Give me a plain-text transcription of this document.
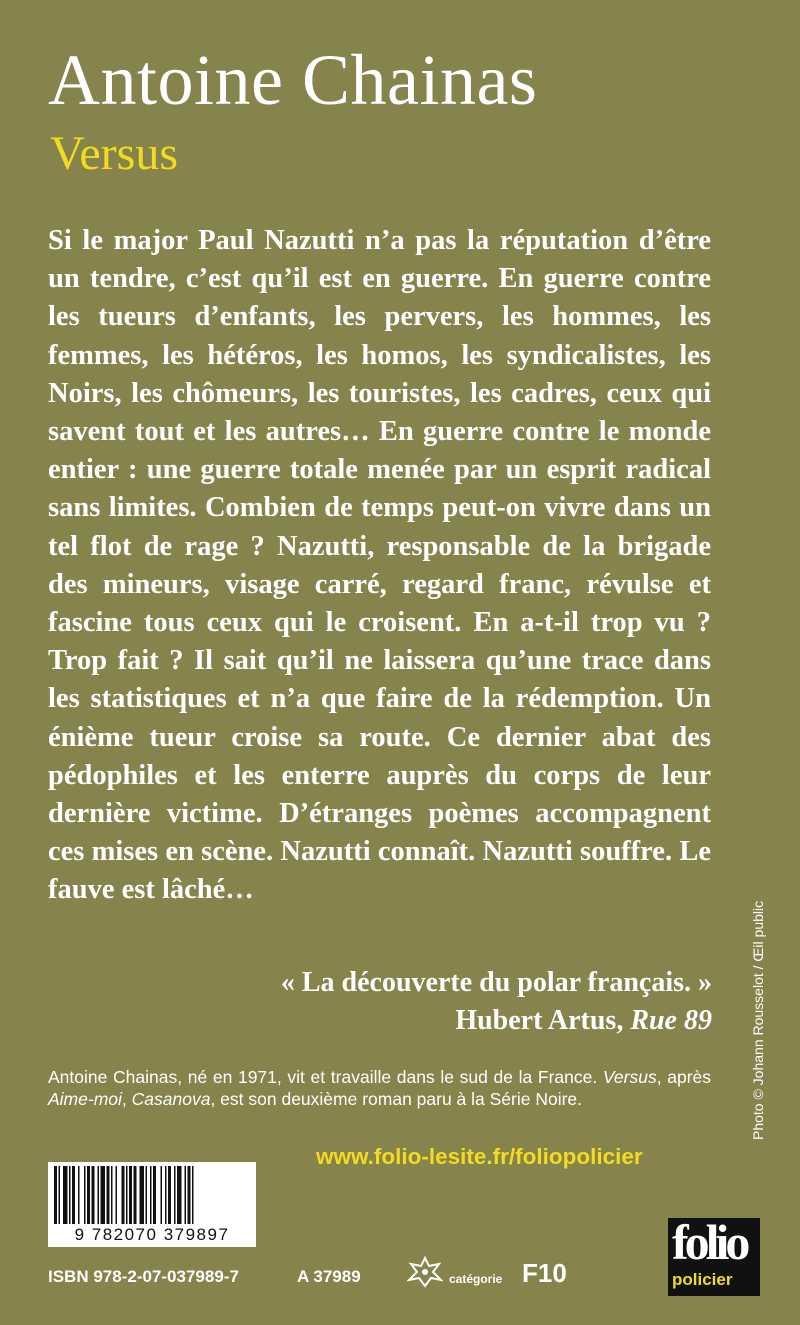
Antoine Chainas
Versus
Si le major Paul Nazutti n’a pas la réputation d’être un tendre, c’est qu’il est en guerre. En guerre contre les tueurs d’enfants, les pervers, les hommes, les femmes, les hétéros, les homos, les syndicalistes, les Noirs, les chômeurs, les touristes, les cadres, ceux qui savent tout et les autres… En guerre contre le monde entier : une guerre totale menée par un esprit radical sans limites. Combien de temps peut-on vivre dans un tel flot de rage ? Nazutti, responsable de la brigade des mineurs, visage carré, regard franc, révulse et fascine tous ceux qui le croisent. En a-t-il trop vu ? Trop fait ? Il sait qu’il ne laissera qu’une trace dans les statistiques et n’a que faire de la rédemption. Un énième tueur croise sa route. Ce dernier abat des pédophiles et les enterre auprès du corps de leur dernière victime. D’étranges poèmes accompagnent ces mises en scène. Nazutti connaît. Nazutti souffre. Le fauve est lâché…
« La découverte du polar français. »
Hubert Artus, Rue 89
Antoine Chainas, né en 1971, vit et travaille dans le sud de la France. Versus, après Aime-moi, Casanova, est son deuxième roman paru à la Série Noire.
www.folio-lesite.fr/foliopolicier
Photo © Johann Rousselot / Œil public
9 782070 379897
ISBN 978-2-07-037989-7	A 37989	catégorie F10
folio
policier
